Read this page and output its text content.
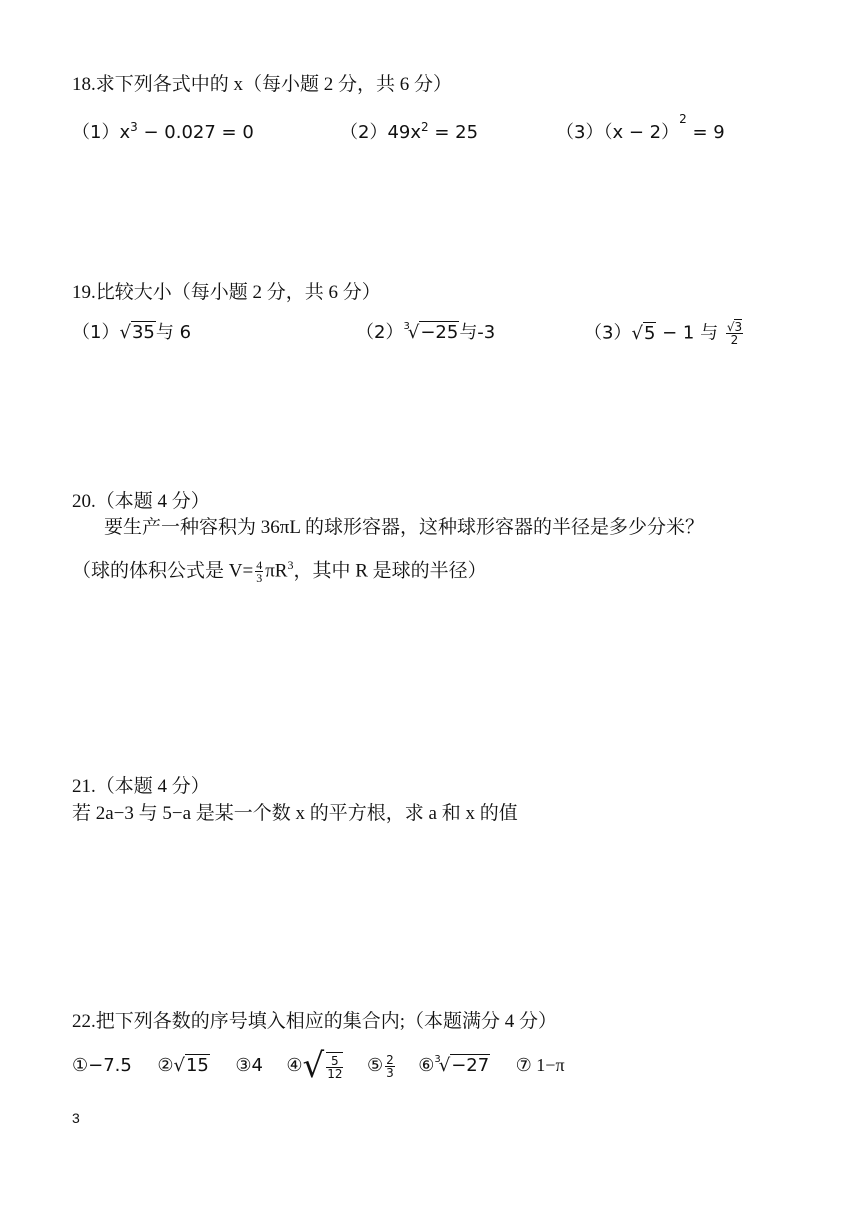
18.求下列各式中的 x（每小题 2 分，共 6 分）
$(1)x^3 - 0.027 = 0$	$(2)49x^2 = 25$	$(3)(x - 2)^2 = 9$
19.比较大小（每小题 2 分，共 6 分）
（1）√35与 6	$(2)^3√-25$与-3	（3）√5 − 1 与 $\frac{√3}{2}$
20.（本题 4 分）
要生产一种容积为 36πL 的球形容器，这种球形容器的半径是多少分米？
（球的体积公式是 $V= \frac{4}{3} \pi R^3$，其中 R 是球的半径）
21.（本题 4 分）
若 2a−3 与 5−a 是某一个数 x 的平方根，求 a 和 x 的值
22.把下列各数的序号填入相应的集合内;（本题满分 4 分）
①−7.5 ②√15 ③4 ④√ $\frac{5}{12}$ ⑤ $\frac{2}{3}$ ⑥$^3$√−27 ⑦ 1−π
3
